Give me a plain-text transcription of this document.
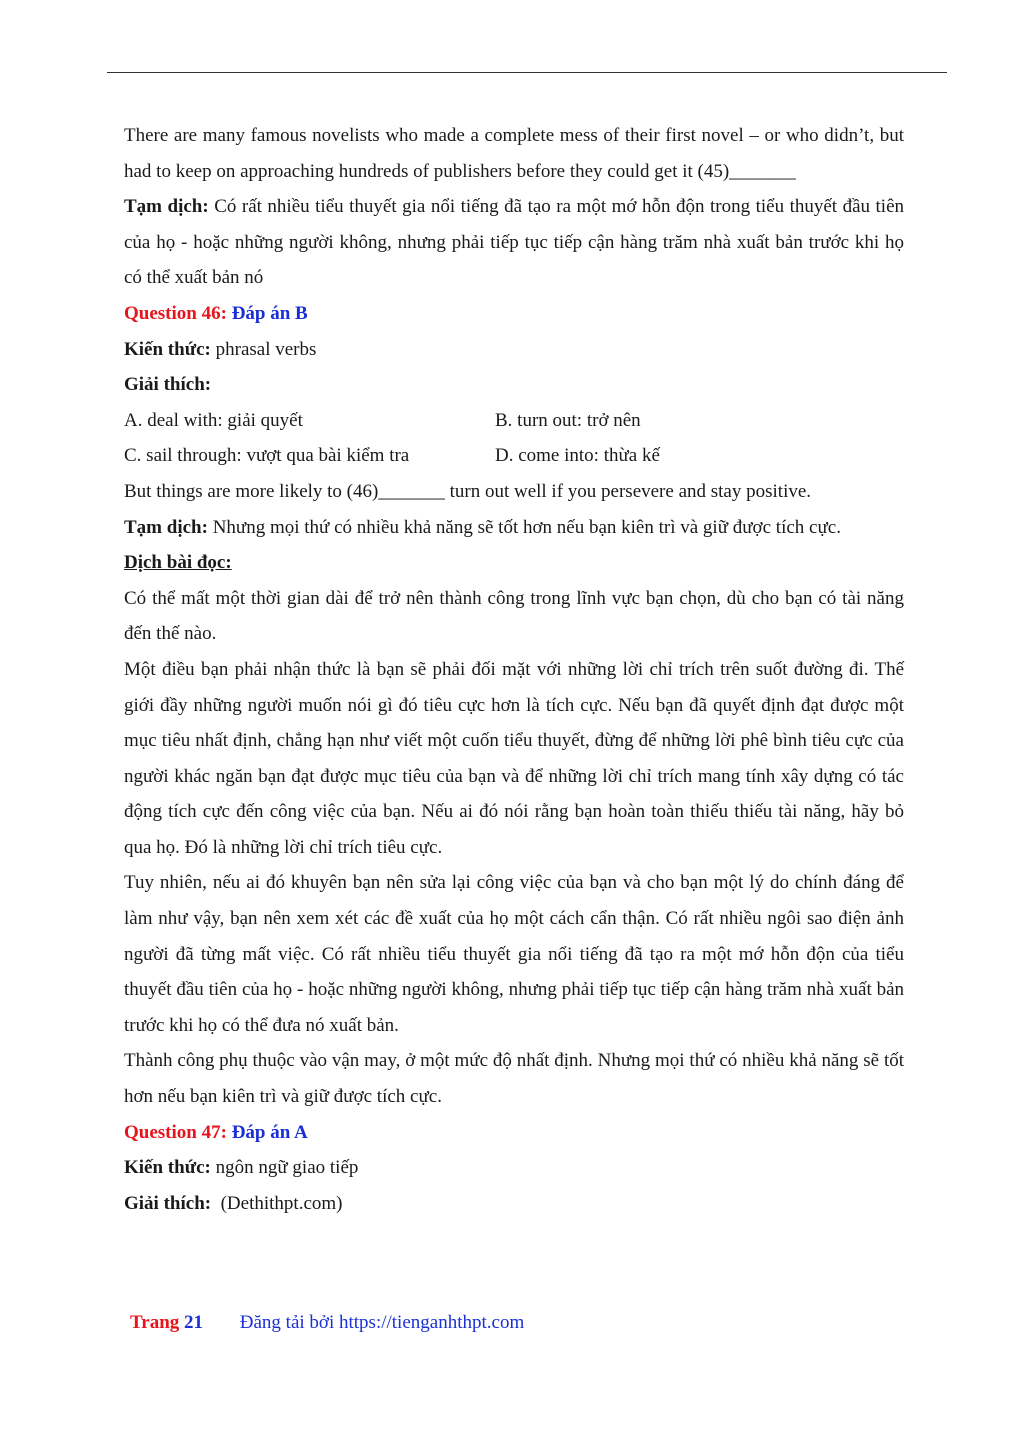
There are many famous novelists who made a complete mess of their first novel – or who didn’t, but had to keep on approaching hundreds of publishers before they could get it (45)_______

Tạm dịch: Có rất nhiều tiểu thuyết gia nổi tiếng đã tạo ra một mớ hỗn độn trong tiểu thuyết đầu tiên của họ - hoặc những người không, nhưng phải tiếp tục tiếp cận hàng trăm nhà xuất bản trước khi họ có thể xuất bản nó

Question 46: Đáp án B

Kiến thức: phrasal verbs

Giải thích:

A. deal with: giải quyết	B. turn out: trở nên
C. sail through: vượt qua bài kiểm tra	D. come into: thừa kế

But things are more likely to (46)_______ turn out well if you persevere and stay positive.

Tạm dịch: Nhưng mọi thứ có nhiều khả năng sẽ tốt hơn nếu bạn kiên trì và giữ được tích cực.

Dịch bài đọc:

Có thể mất một thời gian dài để trở nên thành công trong lĩnh vực bạn chọn, dù cho bạn có tài năng đến thế nào.

Một điều bạn phải nhận thức là bạn sẽ phải đối mặt với những lời chỉ trích trên suốt đường đi. Thế giới đầy những người muốn nói gì đó tiêu cực hơn là tích cực. Nếu bạn đã quyết định đạt được một mục tiêu nhất định, chẳng hạn như viết một cuốn tiểu thuyết, đừng để những lời phê bình tiêu cực của người khác ngăn bạn đạt được mục tiêu của bạn và để những lời chỉ trích mang tính xây dựng có tác động tích cực đến công việc của bạn. Nếu ai đó nói rằng bạn hoàn toàn thiếu thiếu tài năng, hãy bỏ qua họ. Đó là những lời chỉ trích tiêu cực.

Tuy nhiên, nếu ai đó khuyên bạn nên sửa lại công việc của bạn và cho bạn một lý do chính đáng để làm như vậy, bạn nên xem xét các đề xuất của họ một cách cẩn thận. Có rất nhiều ngôi sao điện ảnh người đã từng mất việc. Có rất nhiều tiểu thuyết gia nổi tiếng đã tạo ra một mớ hỗn độn của tiểu thuyết đầu tiên của họ - hoặc những người không, nhưng phải tiếp tục tiếp cận hàng trăm nhà xuất bản trước khi họ có thể đưa nó xuất bản.

Thành công phụ thuộc vào vận may, ở một mức độ nhất định. Nhưng mọi thứ có nhiều khả năng sẽ tốt hơn nếu bạn kiên trì và giữ được tích cực.

Question 47: Đáp án A

Kiến thức: ngôn ngữ giao tiếp

Giải thích: (Dethithpt.com)

Trang 21 Đăng tải bởi https://tienganhthpt.com
